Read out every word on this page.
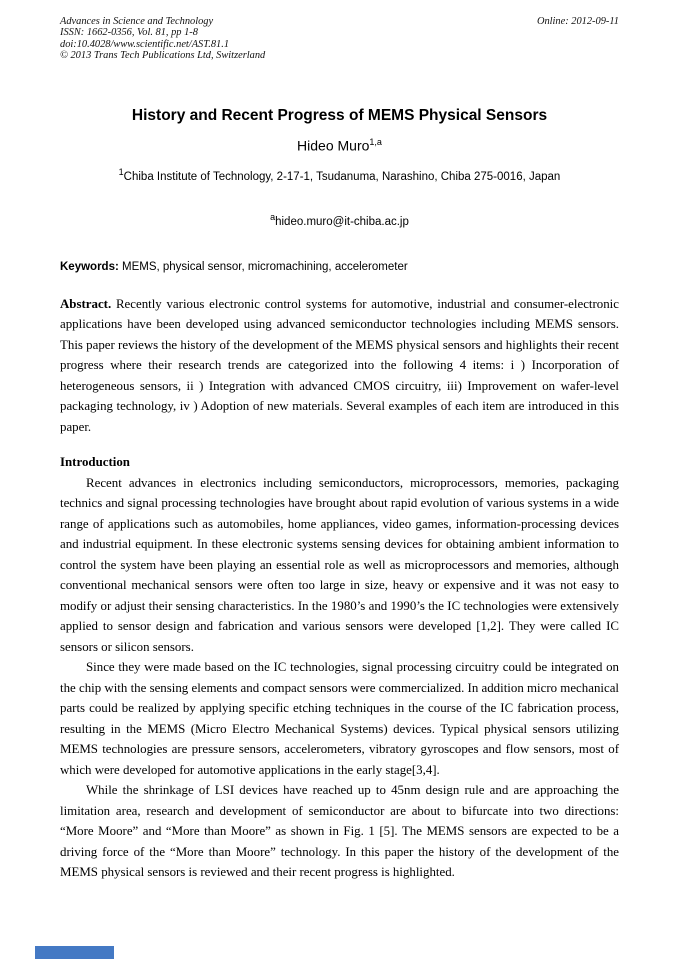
Advances in Science and Technology
ISSN: 1662-0356, Vol. 81, pp 1-8
doi:10.4028/www.scientific.net/AST.81.1
© 2013 Trans Tech Publications Ltd, Switzerland
Online: 2012-09-11
History and Recent Progress of MEMS Physical Sensors
Hideo Muro$^{1,a}$
$^1$Chiba Institute of Technology, 2-17-1, Tsudanuma, Narashino, Chiba 275-0016, Japan
$^a$hideo.muro@it-chiba.ac.jp
Keywords: MEMS, physical sensor, micromachining, accelerometer
Abstract. Recently various electronic control systems for automotive, industrial and consumer-electronic applications have been developed using advanced semiconductor technologies including MEMS sensors. This paper reviews the history of the development of the MEMS physical sensors and highlights their recent progress where their research trends are categorized into the following 4 items: i ) Incorporation of heterogeneous sensors, ii ) Integration with advanced CMOS circuitry, iii) Improvement on wafer-level packaging technology, iv ) Adoption of new materials. Several examples of each item are introduced in this paper.
Introduction

Recent advances in electronics including semiconductors, microprocessors, memories, packaging technics and signal processing technologies have brought about rapid evolution of various systems in a wide range of applications such as automobiles, home appliances, video games, information-processing devices and industrial equipment. In these electronic systems sensing devices for obtaining ambient information to control the system have been playing an essential role as well as microprocessors and memories, although conventional mechanical sensors were often too large in size, heavy or expensive and it was not easy to modify or adjust their sensing characteristics. In the 1980’s and 1990’s the IC technologies were extensively applied to sensor design and fabrication and various sensors were developed [1,2]. They were called IC sensors or silicon sensors.

Since they were made based on the IC technologies, signal processing circuitry could be integrated on the chip with the sensing elements and compact sensors were commercialized. In addition micro mechanical parts could be realized by applying specific etching techniques in the course of the IC fabrication process, resulting in the MEMS (Micro Electro Mechanical Systems) devices. Typical physical sensors utilizing MEMS technologies are pressure sensors, accelerometers, vibratory gyroscopes and flow sensors, most of which were developed for automotive applications in the early stage[3,4].

While the shrinkage of LSI devices have reached up to 45nm design rule and are approaching the limitation area, research and development of semiconductor are about to bifurcate into two directions: “More Moore” and “More than Moore” as shown in Fig. 1 [5]. The MEMS sensors are expected to be a driving force of the “More than Moore” technology. In this paper the history of the development of the MEMS physical sensors is reviewed and their recent progress is highlighted.
